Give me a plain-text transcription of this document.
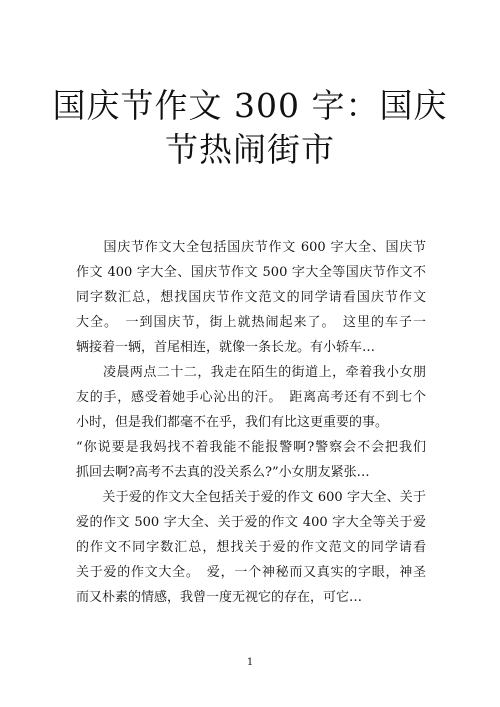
国庆节作文 300 字：国庆
节热闹街市
　　国庆节作文大全包括国庆节作文 600 字大全、国庆节
作文 400 字大全、国庆节作文 500 字大全等国庆节作文不
同字数汇总，想找国庆节作文范文的同学请看国庆节作文
大全。　一到国庆节，街上就热闹起来了。　这里的车子一
辆接着一辆，首尾相连，就像一条长龙。有小轿车…
　　凌晨两点二十二，我走在陌生的街道上，牵着我小女朋
友的手，感受着她手心沁出的汗。　距离高考还有不到七个
小时，但是我们都毫不在乎，我们有比这更重要的事。
“你说要是我妈找不着我能不能报警啊?警察会不会把我们
抓回去啊?高考不去真的没关系么?”小女朋友紧张…
　　关于爱的作文大全包括关于爱的作文 600 字大全、关于
爱的作文 500 字大全、关于爱的作文 400 字大全等关于爱
的作文不同字数汇总，想找关于爱的作文范文的同学请看
关于爱的作文大全。　爱，一个神秘而又真实的字眼，神圣
而又朴素的情感，我曾一度无视它的存在，可它…
1
